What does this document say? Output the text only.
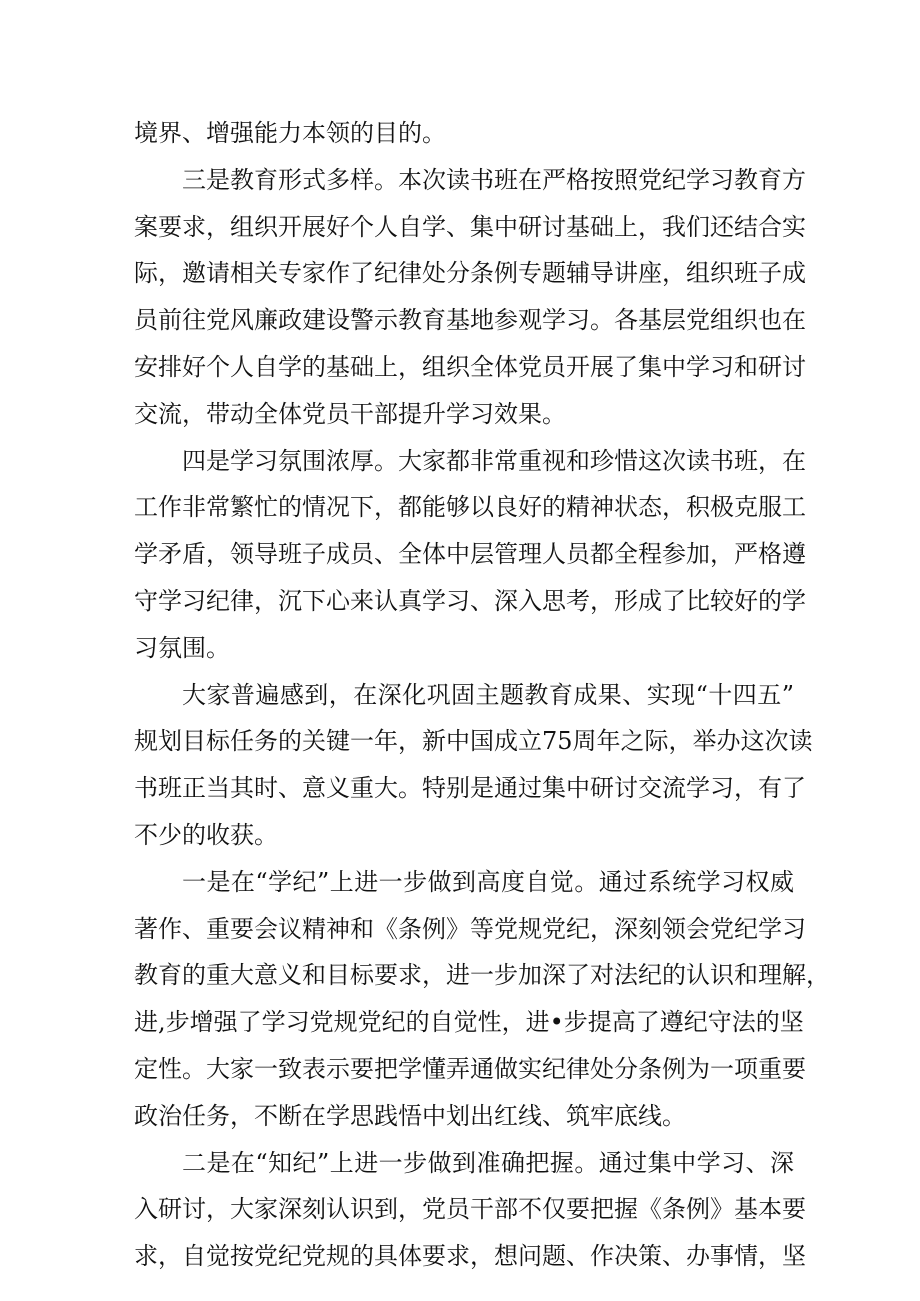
境界、增强能力本领的目的。

三是教育形式多样。本次读书班在严格按照党纪学习教育方
案要求，组织开展好个人自学、集中研讨基础上，我们还结合实
际，邀请相关专家作了纪律处分条例专题辅导讲座，组织班子成
员前往党风廉政建设警示教育基地参观学习。各基层党组织也在
安排好个人自学的基础上，组织全体党员开展了集中学习和研讨
交流，带动全体党员干部提升学习效果。

四是学习氛围浓厚。大家都非常重视和珍惜这次读书班，在
工作非常繁忙的情况下，都能够以良好的精神状态，积极克服工
学矛盾，领导班子成员、全体中层管理人员都全程参加，严格遵
守学习纪律，沉下心来认真学习、深入思考，形成了比较好的学
习氛围。

大家普遍感到，在深化巩固主题教育成果、实现“十四五”
规划目标任务的关键一年，新中国成立75周年之际，举办这次读
书班正当其时、意义重大。特别是通过集中研讨交流学习，有了
不少的收获。

一是在“学纪”上进一步做到高度自觉。通过系统学习权威
著作、重要会议精神和《条例》等党规党纪，深刻领会党纪学习
教育的重大意义和目标要求，进一步加深了对法纪的认识和理解，
进,步增强了学习党规党纪的自觉性，进•步提高了遵纪守法的坚
定性。大家一致表示要把学懂弄通做实纪律处分条例为一项重要
政治任务，不断在学思践悟中划出红线、筑牢底线。

二是在“知纪”上进一步做到准确把握。通过集中学习、深
入研讨，大家深刻认识到，党员干部不仅要把握《条例》基本要
求，自觉按党纪党规的具体要求，想问题、作决策、办事情，坚
